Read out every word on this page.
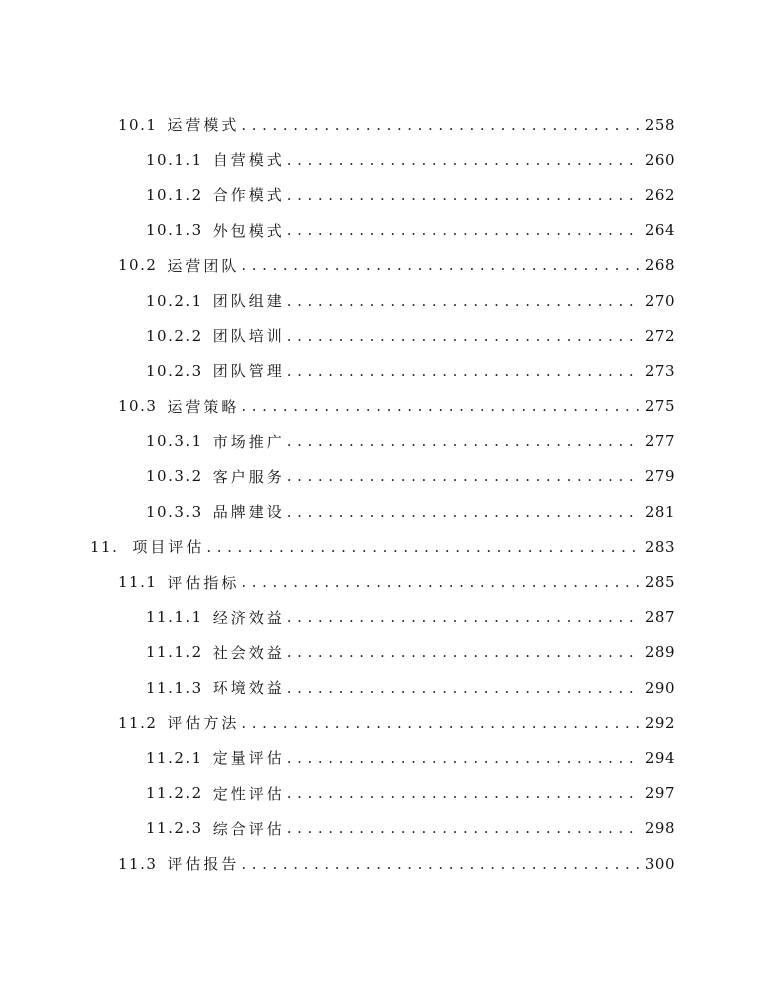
10.1 运营模式 .....	258
10.1.1 自营模式 .....	260
10.1.2 合作模式 .....	262
10.1.3 外包模式 .....	264
10.2 运营团队 .....	268
10.2.1 团队组建 .....	270
10.2.2 团队培训 .....	272
10.2.3 团队管理 .....	273
10.3 运营策略 .....	275
10.3.1 市场推广 .....	277
10.3.2 客户服务 .....	279
10.3.3 品牌建设 .....	281
11. 项目评估 .....	283
11.1 评估指标 .....	285
11.1.1 经济效益 .....	287
11.1.2 社会效益 .....	289
11.1.3 环境效益 .....	290
11.2 评估方法 .....	292
11.2.1 定量评估 .....	294
11.2.2 定性评估 .....	297
11.2.3 综合评估 .....	298
11.3 评估报告 .....	300
